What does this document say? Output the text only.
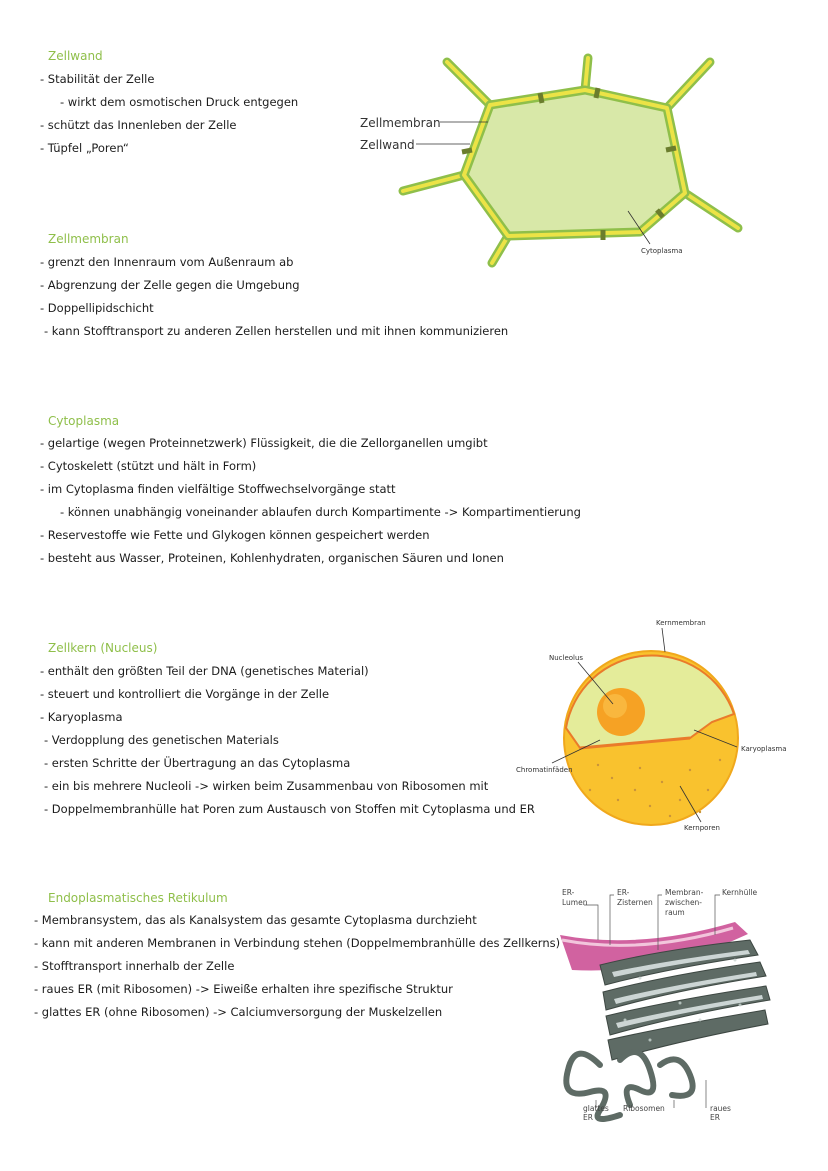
Zellwand
- Stabilität der Zelle
- wirkt dem osmotischen Druck entgegen
- schützt das Innenleben der Zelle
- Tüpfel „Poren“
Zellmembran
Zellwand
Cytoplasma
Zellmembran
- grenzt den Innenraum vom Außenraum ab
- Abgrenzung der Zelle gegen die Umgebung
- Doppellipidschicht
- kann Stofftransport zu anderen Zellen herstellen und mit ihnen kommunizieren
Cytoplasma
- gelartige (wegen Proteinnetzwerk) Flüssigkeit, die die Zellorganellen umgibt
- Cytoskelett (stützt und hält in Form)
- im Cytoplasma finden vielfältige Stoffwechselvorgänge statt
- können unabhängig voneinander ablaufen durch Kompartimente -> Kompartimentierung
- Reservestoffe wie Fette und Glykogen können gespeichert werden
- besteht aus Wasser, Proteinen, Kohlenhydraten, organischen Säuren und Ionen
Zellkern (Nucleus)
- enthält den größten Teil der DNA (genetisches Material)
- steuert und kontrolliert die Vorgänge in der Zelle
- Karyoplasma
- Verdopplung des genetischen Materials
- ersten Schritte der Übertragung an das Cytoplasma
- ein bis mehrere Nucleoli -> wirken beim Zusammenbau von Ribosomen mit
- Doppelmembranhülle hat Poren zum Austausch von Stoffen mit Cytoplasma und ER
Kernmembran
Nucleolus
Karyoplasma
Chromatinfäden
Kernporen
Endoplasmatisches Retikulum
- Membransystem, das als Kanalsystem das gesamte Cytoplasma durchzieht
- kann mit anderen Membranen in Verbindung stehen (Doppelmembranhülle des Zellkerns)
- Stofftransport innerhalb der Zelle
- raues ER (mit Ribosomen) -> Eiweiße erhalten ihre spezifische Struktur
- glattes ER (ohne Ribosomen) -> Calciumversorgung der Muskelzellen
ER-
Lumen
ER-
Zisternen
Membran-
zwischen-
raum
Kernhülle
glattes
ER
Ribosomen	raues
ER
